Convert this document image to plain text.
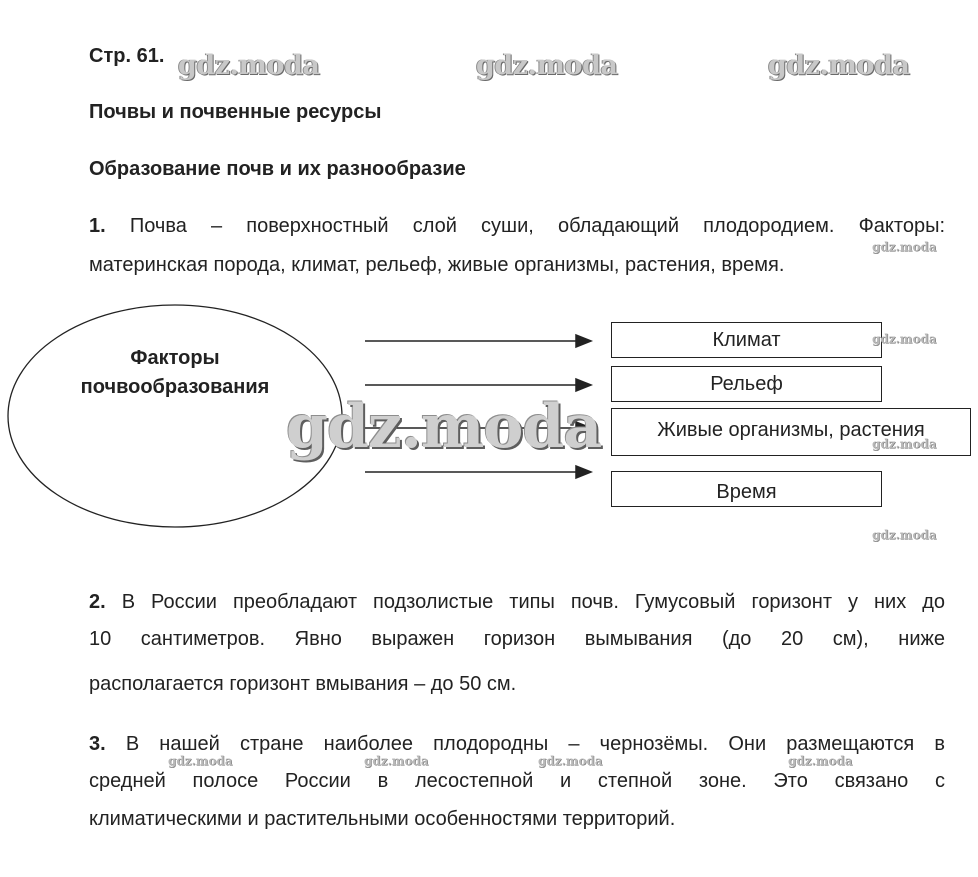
Стр. 61.
Почвы и почвенные ресурсы
Образование почв и их разнообразие
gdz.moda	gdz.moda	gdz.moda
1. Почва – поверхностный слой суши, обладающий плодородием. Факторы:
материнская порода, климат, рельеф, живые организмы, растения, время.
gdz.moda
Факторы
почвообразования
Климат
Рельеф
Живые организмы, растения
Время
gdz.moda
gdz.moda
gdz.moda
gdz.moda
2. В России преобладают подзолистые типы почв. Гумусовый горизонт у них до
10 сантиметров. Явно выражен горизон вымывания (до 20 см), ниже
располагается горизонт вмывания – до 50 см.
3. В нашей стране наиболее плодородны – чернозёмы. Они размещаются в
средней полосе России в лесостепной и степной зоне. Это связано с
климатическими и растительными особенностями территорий.
gdz.moda	gdz.moda	gdz.moda	gdz.moda
